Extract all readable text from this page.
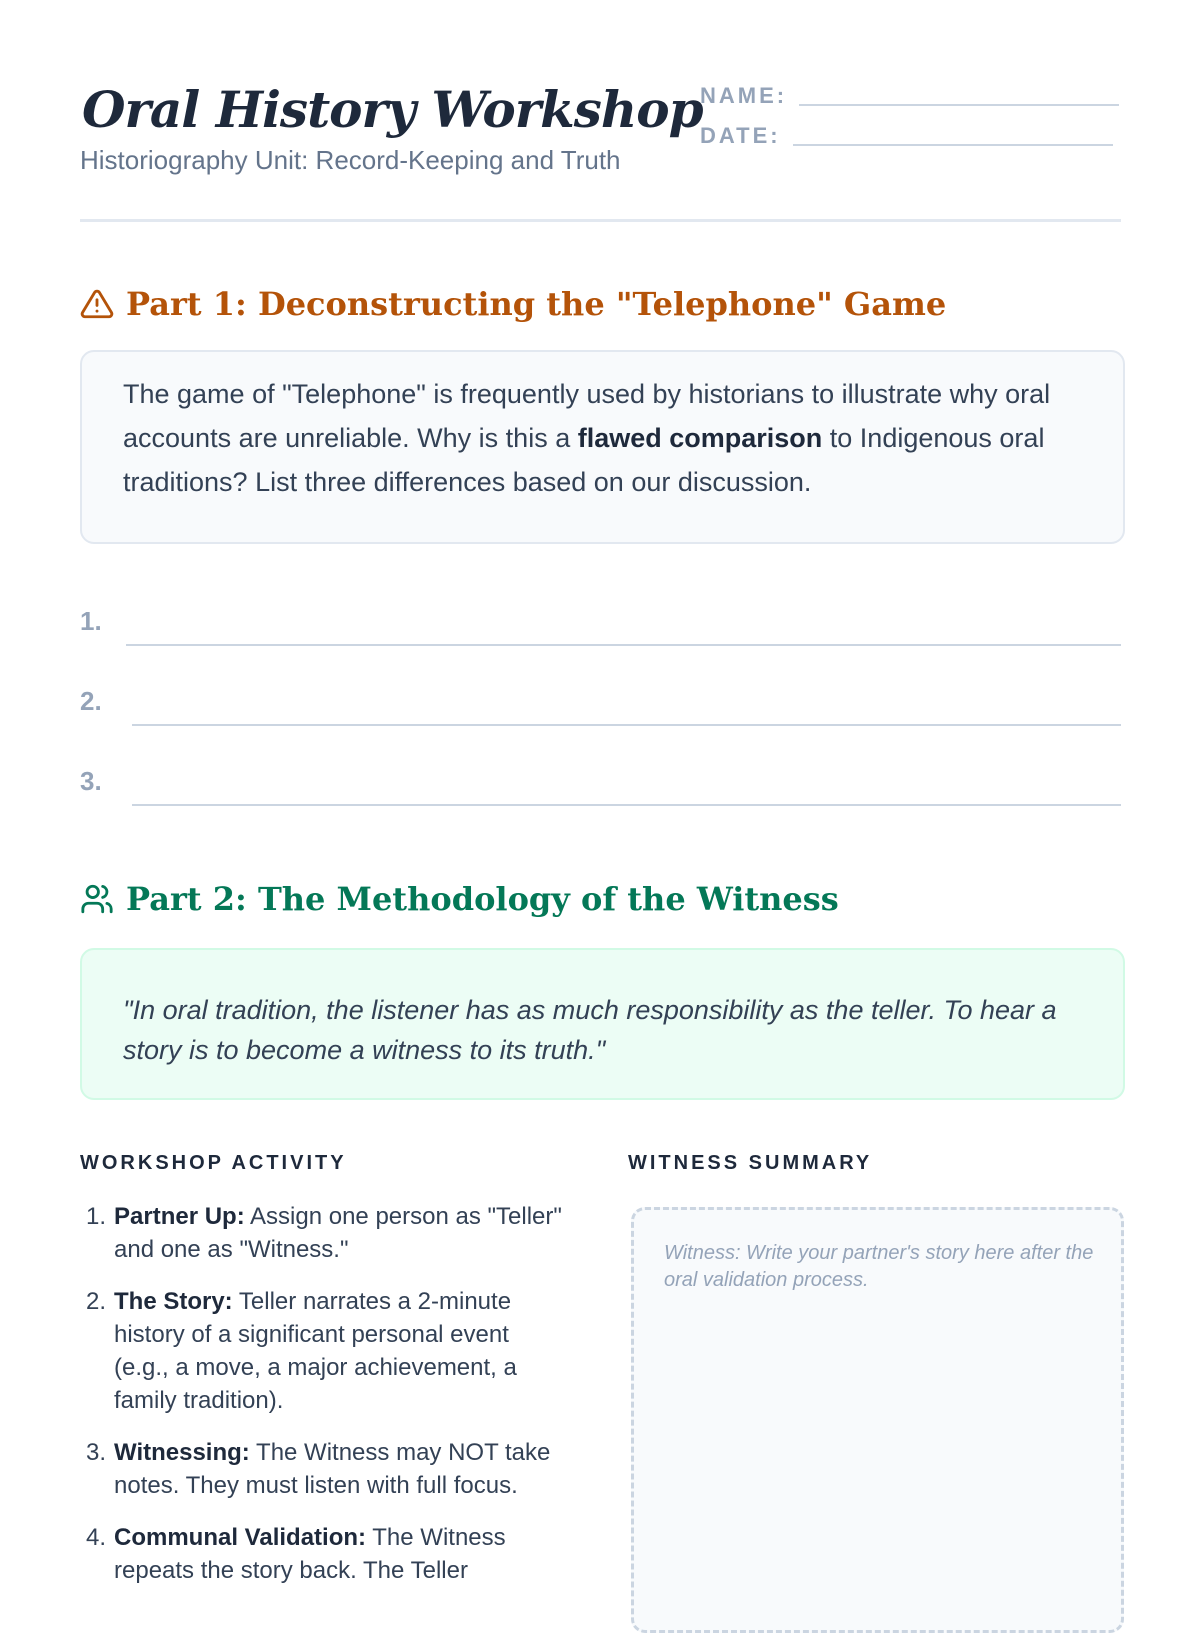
Oral History Workshop
Historiography Unit: Record-Keeping and Truth
NAME:
DATE:
Part 1: Deconstructing the "Telephone" Game
The game of "Telephone" is frequently used by historians to illustrate why oral accounts are unreliable. Why is this a flawed comparison to Indigenous oral traditions? List three differences based on our discussion.
1.
2.
3.
Part 2: The Methodology of the Witness
"In oral tradition, the listener has as much responsibility as the teller. To hear a story is to become a witness to its truth."
WORKSHOP ACTIVITY	WITNESS SUMMARY
1. Partner Up: Assign one person as "Teller" and one as "Witness."
2. The Story: Teller narrates a 2-minute history of a significant personal event (e.g., a move, a major achievement, a family tradition).
3. Witnessing: The Witness may NOT take notes. They must listen with full focus.
4. Communal Validation: The Witness repeats the story back. The Teller
Witness: Write your partner's story here after the oral validation process.
